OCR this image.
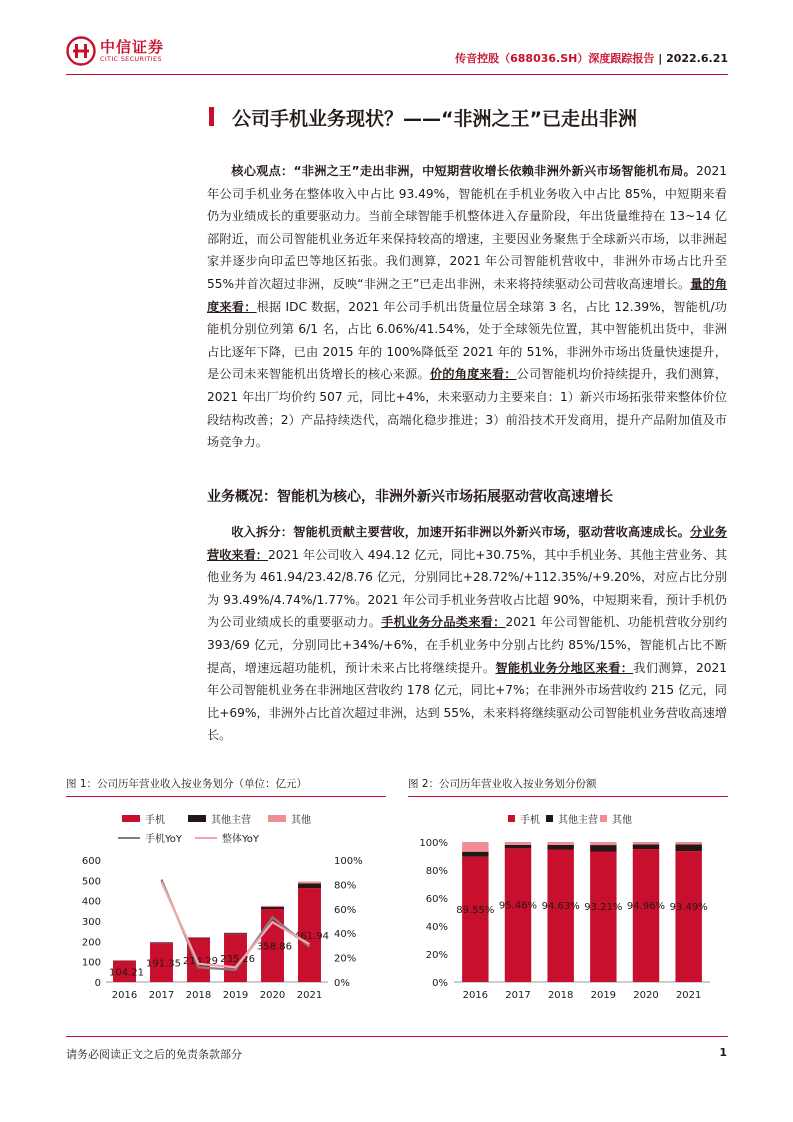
中信证券
CITIC SECURITIES	传音控股（688036.SH）深度跟踪报告 | 2022.6.21
公司手机业务现状？——“非洲之王”已走出非洲
核心观点：“非洲之王”走出非洲，中短期营收增长依赖非洲外新兴市场智能机布局。2021 年公司手机业务在整体收入中占比 93.49%，智能机在手机业务收入中占比 85%，中短期来看仍为业绩成长的重要驱动力。当前全球智能手机整体进入存量阶段，年出货量维持在 13~14 亿部附近，而公司智能机业务近年来保持较高的增速，主要因业务聚焦于全球新兴市场，以非洲起家并逐步向印孟巴等地区拓张。我们测算，2021 年公司智能机营收中，非洲外市场占比升至 55%并首次超过非洲，反映“非洲之王”已走出非洲，未来将持续驱动公司营收高速增长。量的角度来看：根据 IDC 数据，2021 年公司手机出货量位居全球第 3 名，占比 12.39%，智能机/功能机分别位列第 6/1 名，占比 6.06%/41.54%，处于全球领先位置，其中智能机出货中，非洲占比逐年下降，已由 2015 年的 100%降低至 2021 年的 51%，非洲外市场出货量快速提升，是公司未来智能机出货增长的核心来源。价的角度来看：公司智能机均价持续提升，我们测算，2021 年出厂均价约 507 元，同比+4%，未来驱动力主要来自：1）新兴市场拓张带来整体价位段结构改善；2）产品持续迭代，高端化稳步推进；3）前沿技术开发商用，提升产品附加值及市场竞争力。
业务概况：智能机为核心，非洲外新兴市场拓展驱动营收高速增长
收入拆分：智能机贡献主要营收，加速开拓非洲以外新兴市场，驱动营收高速成长。分业务营收来看：2021 年公司收入 494.12 亿元，同比+30.75%，其中手机业务、其他主营业务、其他业务为 461.94/23.42/8.76 亿元，分别同比+28.72%/+112.35%/+9.20%，对应占比分别为 93.49%/4.74%/1.77%。2021 年公司手机业务营收占比超 90%，中短期来看，预计手机仍为公司业绩成长的重要驱动力。手机业务分品类来看：2021 年公司智能机、功能机营收分别约 393/69 亿元，分别同比+34%/+6%，在手机业务中分别占比约 85%/15%，智能机占比不断提高，增速远超功能机，预计未来占比将继续提升。智能机业务分地区来看：我们测算，2021 年公司智能机业务在非洲地区营收约 178 亿元，同比+7%；在非洲外市场营收约 215 亿元，同比+69%，非洲外占比首次超过非洲，达到 55%，未来料将继续驱动公司智能机业务营收高速增长。
图 1：公司历年营业收入按业务划分（单位：亿元）
手机	其他主营	其他
手机YoY	整体YoY
0
100
200
300
400
500
600
0%
20%
40%
60%
80%
100%
2016
104.21
2017
191.35
2018
214.29
2019
235.26
2020
358.86
2021
461.94
图 2：公司历年营业收入按业务划分份额
手机 其他主营 其他
0%
20%
40%
60%
80%
100%
2016
89.55%
2017
95.46%
2018
94.63%
2019
93.21%
2020
94.96%
2021
93.49%
请务必阅读正文之后的免责条款部分	1
